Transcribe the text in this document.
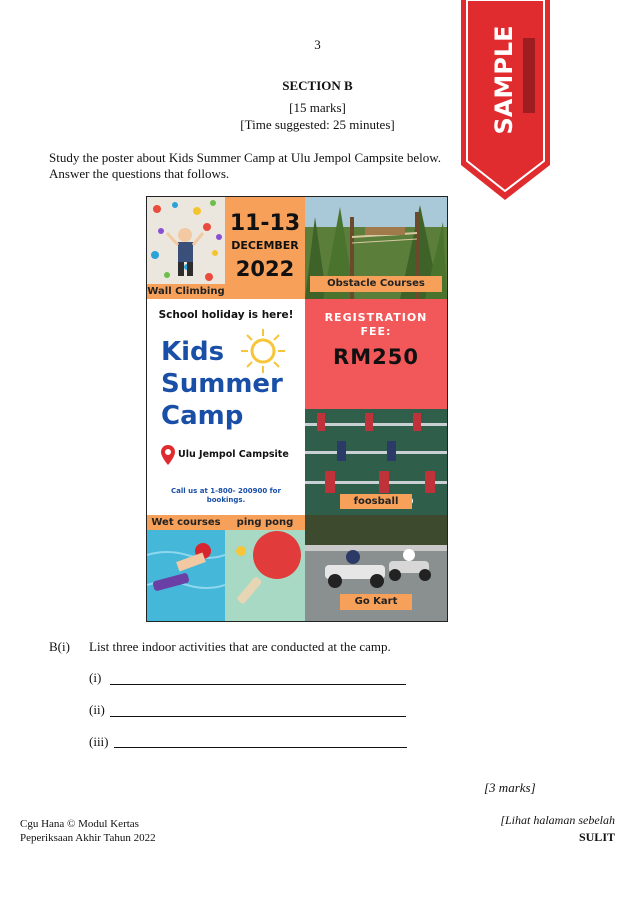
3
SECTION B
[15 marks]
[Time suggested: 25 minutes]
Study the poster about Kids Summer Camp at Ulu Jempol Campsite below.
Answer the questions that follows.
SAMPLE
Wall Climbing
11-13
DECEMBER
2022
Obstacle Courses
School holiday is here!
Kids
Summer
Camp
Ulu Jempol Campsite
Call us at 1-800- 200900 for
bookings.
REGISTRATION
FEE:
RM250
foosball
Wet courses	ping pong
Go Kart
B(i) List three indoor activities that are conducted at the camp.
(i)
(ii)
(iii)
[3 marks]
Cgu Hana © Modul Kertas
Peperiksaan Akhir Tahun 2022
[Lihat halaman sebelah
SULIT
